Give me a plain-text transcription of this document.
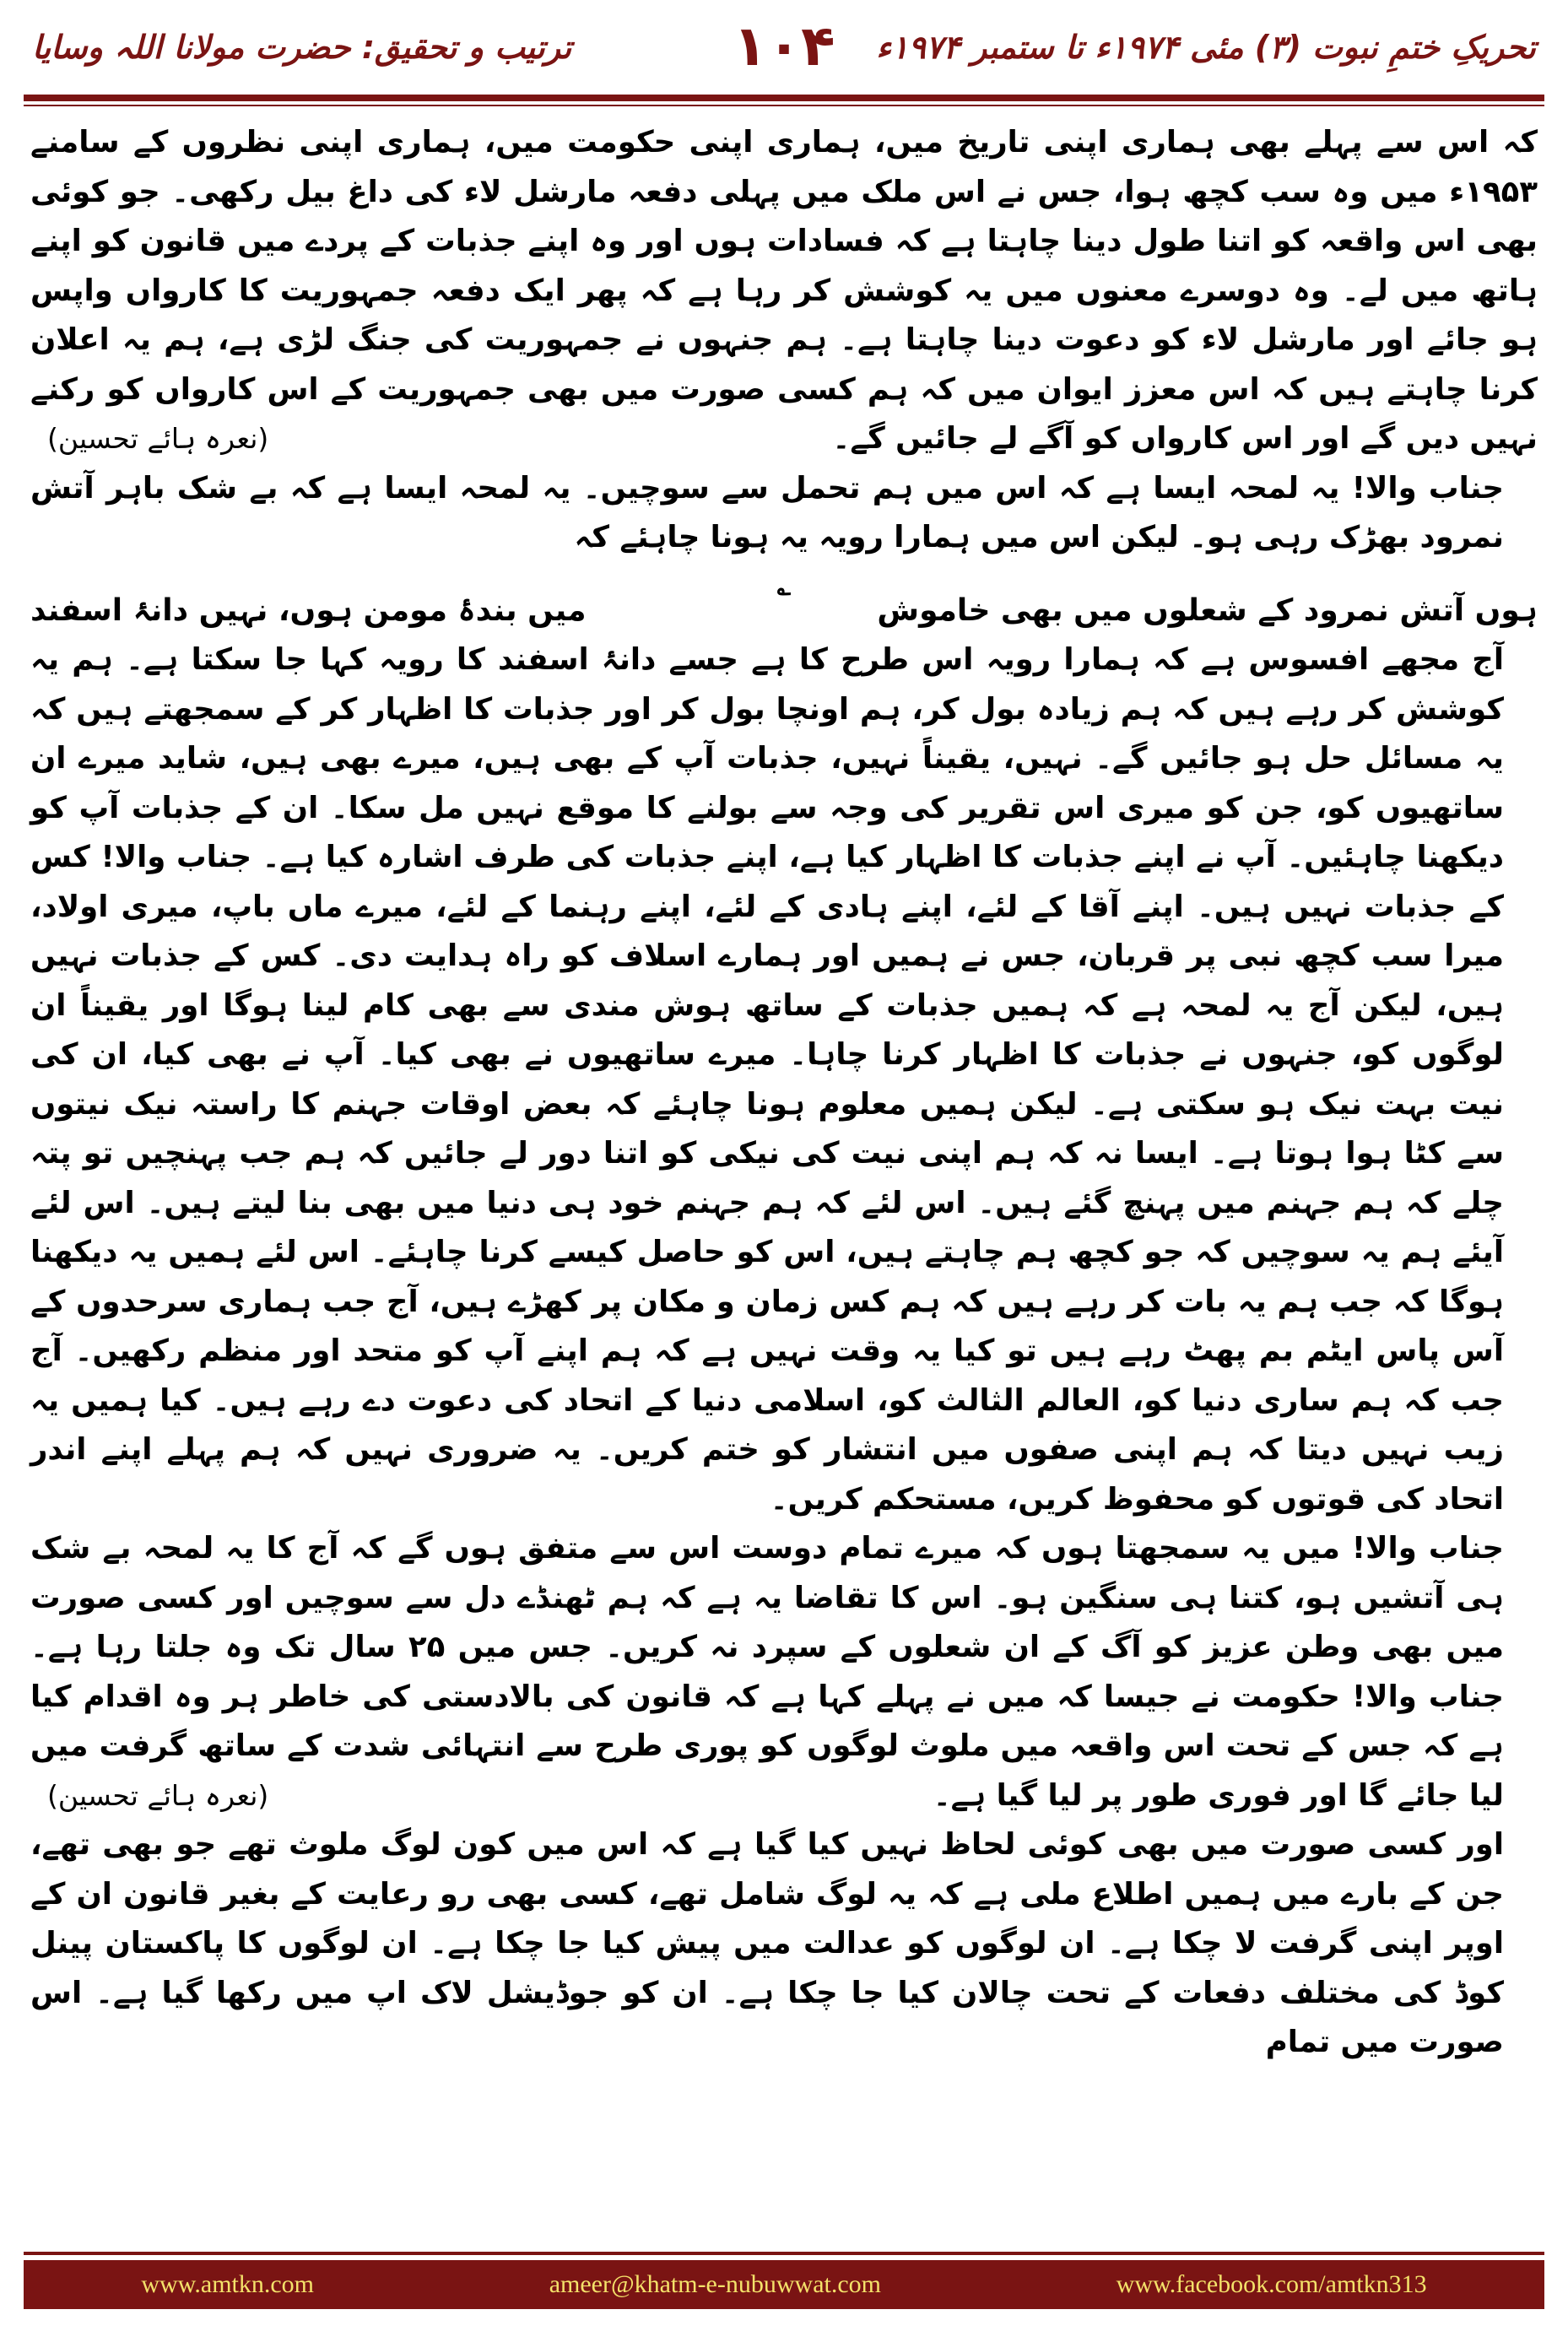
تحریکِ ختمِ نبوت (۳) مئی ۱۹۷۴ء تا ستمبر ۱۹۷۴ء
۱۰۴
ترتیب و تحقیق: حضرت مولانا اللہ وسایا

کہ اس سے پہلے بھی ہماری اپنی تاریخ میں، ہماری اپنی حکومت میں، ہماری اپنی نظروں کے سامنے ۱۹۵۳ء میں وہ سب کچھ ہوا، جس نے اس ملک میں پہلی دفعہ مارشل لاء کی داغ بیل رکھی۔ جو کوئی بھی اس واقعہ کو اتنا طول دینا چاہتا ہے کہ فسادات ہوں اور وہ اپنے جذبات کے پردے میں قانون کو اپنے ہاتھ میں لے۔ وہ دوسرے معنوں میں یہ کوشش کر رہا ہے کہ پھر ایک دفعہ جمہوریت کا کارواں واپس ہو جائے اور مارشل لاء کو دعوت دینا چاہتا ہے۔ ہم جنہوں نے جمہوریت کی جنگ لڑی ہے، ہم یہ اعلان کرنا چاہتے ہیں کہ اس معزز ایوان میں کہ ہم کسی صورت میں بھی جمہوریت کے اس کارواں کو رکنے نہیں دیں گے اور اس کارواں کو آگے لے جائیں گے۔
(نعرہ ہائے تحسین)

جناب والا! یہ لمحہ ایسا ہے کہ اس میں ہم تحمل سے سوچیں۔ یہ لمحہ ایسا ہے کہ بے شک باہر آتش نمرود بھڑک رہی ہو۔ لیکن اس میں ہمارا رویہ یہ ہونا چاہئے کہ

؎
ہوں آتش نمرود کے شعلوں میں بھی خاموش
میں بندۂ مومن ہوں، نہیں دانۂ اسفند

آج مجھے افسوس ہے کہ ہمارا رویہ اس طرح کا ہے جسے دانۂ اسفند کا رویہ کہا جا سکتا ہے۔ ہم یہ کوشش کر رہے ہیں کہ ہم زیادہ بول کر، ہم اونچا بول کر اور جذبات کا اظہار کر کے سمجھتے ہیں کہ یہ مسائل حل ہو جائیں گے۔ نہیں، یقیناً نہیں، جذبات آپ کے بھی ہیں، میرے بھی ہیں، شاید میرے ان ساتھیوں کو، جن کو میری اس تقریر کی وجہ سے بولنے کا موقع نہیں مل سکا۔ ان کے جذبات آپ کو دیکھنا چاہئیں۔ آپ نے اپنے جذبات کا اظہار کیا ہے، اپنے جذبات کی طرف اشارہ کیا ہے۔ جناب والا! کس کے جذبات نہیں ہیں۔ اپنے آقا کے لئے، اپنے ہادی کے لئے، اپنے رہنما کے لئے، میرے ماں باپ، میری اولاد، میرا سب کچھ نبی پر قربان، جس نے ہمیں اور ہمارے اسلاف کو راہ ہدایت دی۔ کس کے جذبات نہیں ہیں، لیکن آج یہ لمحہ ہے کہ ہمیں جذبات کے ساتھ ہوش مندی سے بھی کام لینا ہوگا اور یقیناً ان لوگوں کو، جنہوں نے جذبات کا اظہار کرنا چاہا۔ میرے ساتھیوں نے بھی کیا۔ آپ نے بھی کیا، ان کی نیت بہت نیک ہو سکتی ہے۔ لیکن ہمیں معلوم ہونا چاہئے کہ بعض اوقات جہنم کا راستہ نیک نیتوں سے کٹا ہوا ہوتا ہے۔ ایسا نہ کہ ہم اپنی نیت کی نیکی کو اتنا دور لے جائیں کہ ہم جب پہنچیں تو پتہ چلے کہ ہم جہنم میں پہنچ گئے ہیں۔ اس لئے کہ ہم جہنم خود ہی دنیا میں بھی بنا لیتے ہیں۔ اس لئے آیئے ہم یہ سوچیں کہ جو کچھ ہم چاہتے ہیں، اس کو حاصل کیسے کرنا چاہئے۔ اس لئے ہمیں یہ دیکھنا ہوگا کہ جب ہم یہ بات کر رہے ہیں کہ ہم کس زمان و مکان پر کھڑے ہیں، آج جب ہماری سرحدوں کے آس پاس ایٹم بم پھٹ رہے ہیں تو کیا یہ وقت نہیں ہے کہ ہم اپنے آپ کو متحد اور منظم رکھیں۔ آج جب کہ ہم ساری دنیا کو، العالم الثالث کو، اسلامی دنیا کے اتحاد کی دعوت دے رہے ہیں۔ کیا ہمیں یہ زیب نہیں دیتا کہ ہم اپنی صفوں میں انتشار کو ختم کریں۔ یہ ضروری نہیں کہ ہم پہلے اپنے اندر اتحاد کی قوتوں کو محفوظ کریں، مستحکم کریں۔

جناب والا! میں یہ سمجھتا ہوں کہ میرے تمام دوست اس سے متفق ہوں گے کہ آج کا یہ لمحہ بے شک ہی آتشیں ہو، کتنا ہی سنگین ہو۔ اس کا تقاضا یہ ہے کہ ہم ٹھنڈے دل سے سوچیں اور کسی صورت میں بھی وطن عزیز کو آگ کے ان شعلوں کے سپرد نہ کریں۔ جس میں ۲۵ سال تک وہ جلتا رہا ہے۔ جناب والا! حکومت نے جیسا کہ میں نے پہلے کہا ہے کہ قانون کی بالادستی کی خاطر ہر وہ اقدام کیا ہے کہ جس کے تحت اس واقعہ میں ملوث لوگوں کو پوری طرح سے انتہائی شدت کے ساتھ گرفت میں لیا جائے گا اور فوری طور پر لیا گیا ہے۔
(نعرہ ہائے تحسین)

اور کسی صورت میں بھی کوئی لحاظ نہیں کیا گیا ہے کہ اس میں کون لوگ ملوث تھے جو بھی تھے، جن کے بارے میں ہمیں اطلاع ملی ہے کہ یہ لوگ شامل تھے، کسی بھی رو رعایت کے بغیر قانون ان کے اوپر اپنی گرفت لا چکا ہے۔ ان لوگوں کو عدالت میں پیش کیا جا چکا ہے۔ ان لوگوں کا پاکستان پینل کوڈ کی مختلف دفعات کے تحت چالان کیا جا چکا ہے۔ ان کو جوڈیشل لاک اپ میں رکھا گیا ہے۔ اس صورت میں تمام

www.amtkn.com	ameer@khatm-e-nubuwwat.com	www.facebook.com/amtkn313
